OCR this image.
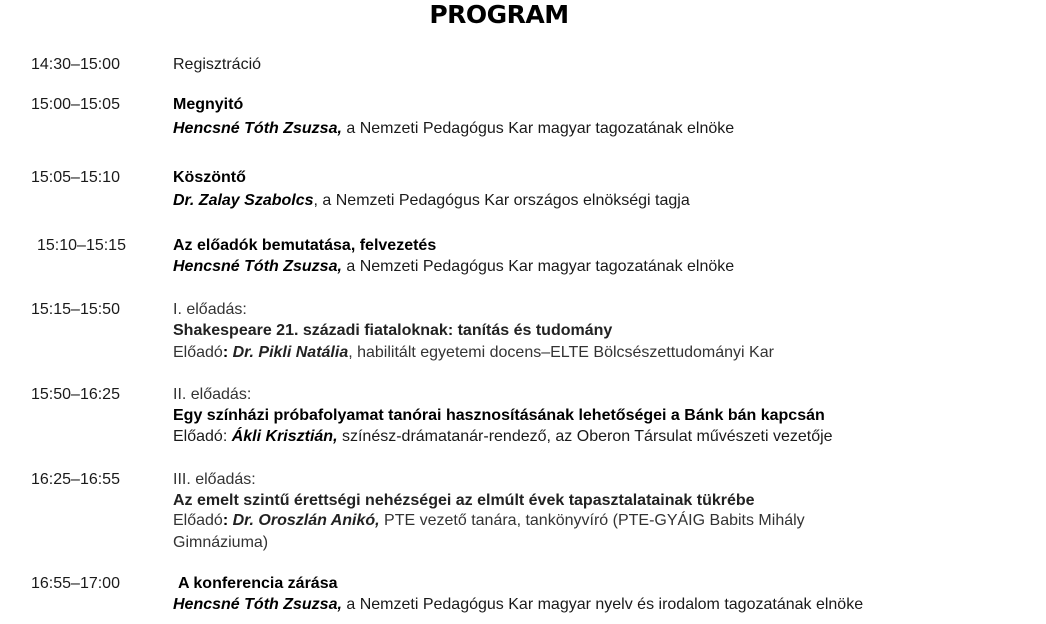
PROGRAM
14:30–15:00	Regisztráció
15:00–15:05	Megnyitó
Hencsné Tóth Zsuzsa, a Nemzeti Pedagógus Kar magyar tagozatának elnöke
15:05–15:10	Köszöntő
Dr. Zalay Szabolcs, a Nemzeti Pedagógus Kar országos elnökségi tagja
15:10–15:15	Az előadók bemutatása, felvezetés
Hencsné Tóth Zsuzsa, a Nemzeti Pedagógus Kar magyar tagozatának elnöke
15:15–15:50	I. előadás:
Shakespeare 21. századi fiataloknak: tanítás és tudomány
Előadó: Dr. Pikli Natália, habilitált egyetemi docens–ELTE Bölcsészettudományi Kar
15:50–16:25	II. előadás:
Egy színházi próbafolyamat tanórai hasznosításának lehetőségei a Bánk bán kapcsán
Előadó: Ákli Krisztián, színész-drámatanár-rendező, az Oberon Társulat művészeti vezetője
16:25–16:55	III. előadás:
Az emelt szintű érettségi nehézségei az elmúlt évek tapasztalatainak tükrébe
Előadó: Dr. Oroszlán Anikó, PTE vezető tanára, tankönyvíró (PTE-GYÁIG Babits Mihály
Gimnáziuma)
16:55–17:00	A konferencia zárása
Hencsné Tóth Zsuzsa, a Nemzeti Pedagógus Kar magyar nyelv és irodalom tagozatának elnöke
